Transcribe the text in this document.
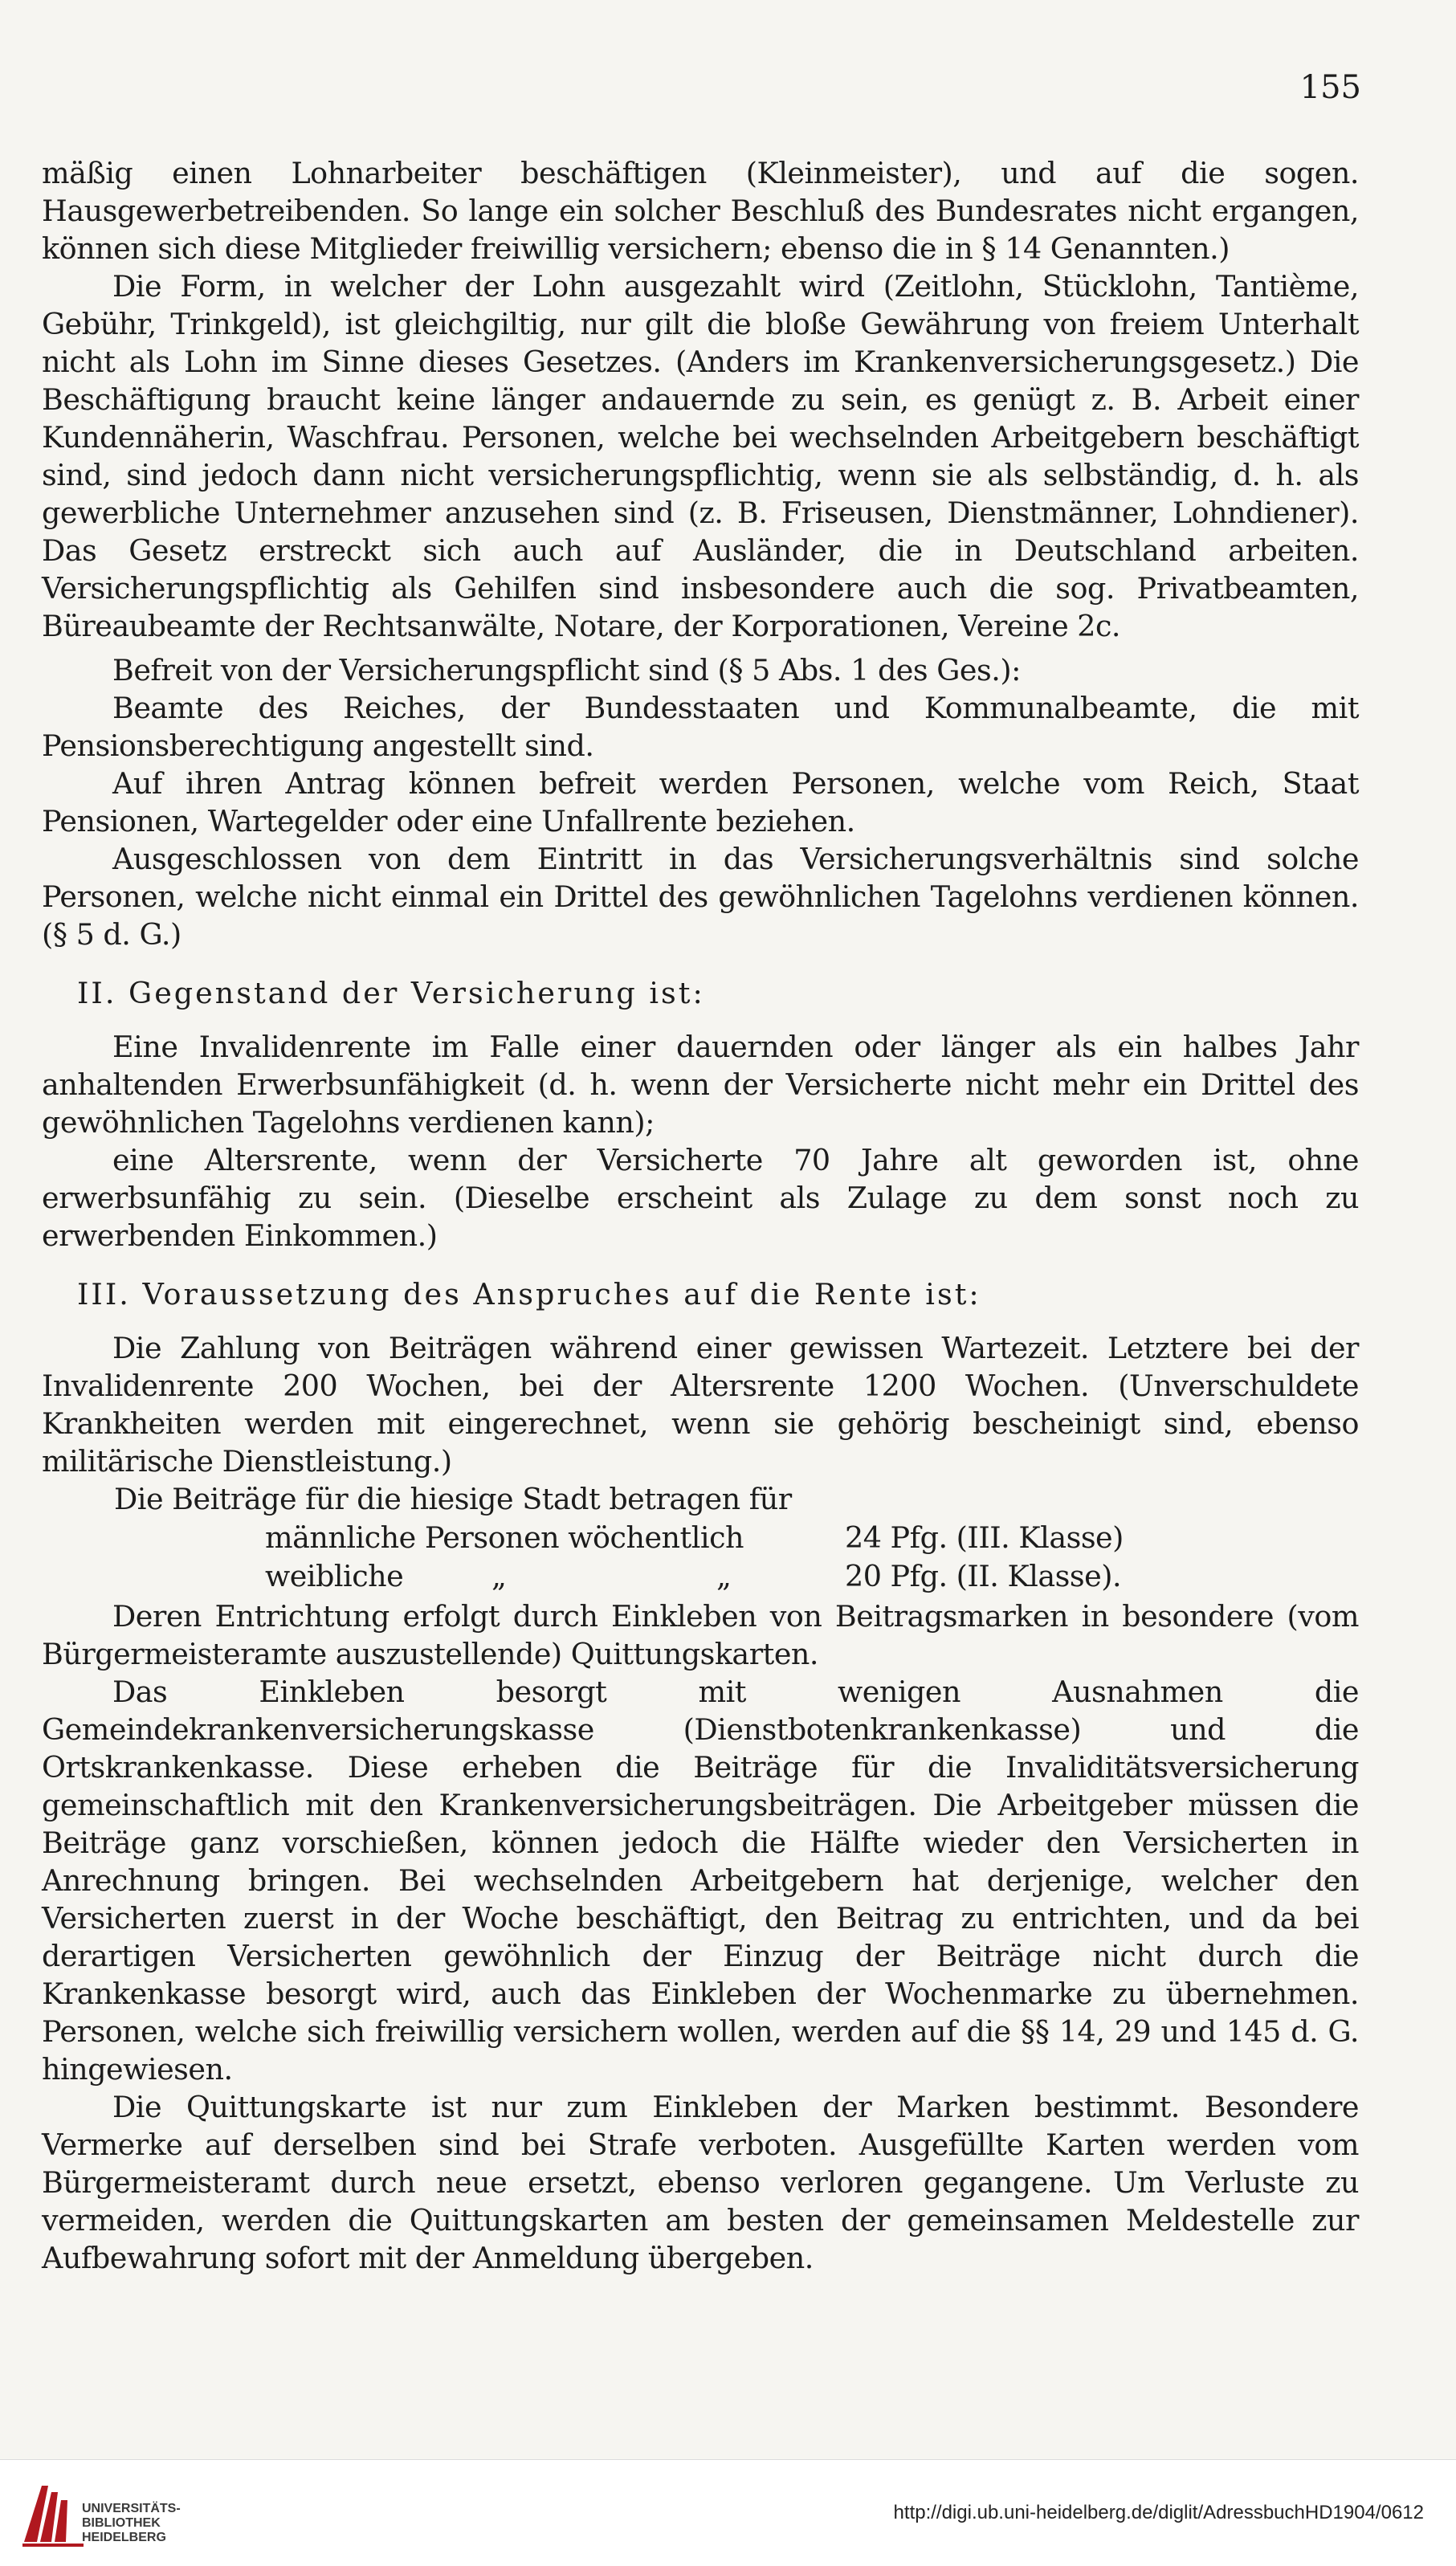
155

mäßig einen Lohnarbeiter beschäftigen (Kleinmeister), und auf die sogen. Hausgewerbetreibenden. So lange ein solcher Beschluß des Bundesrates nicht ergangen, können sich diese Mitglieder freiwillig versichern; ebenso die in § 14 Genannten.)

Die Form, in welcher der Lohn ausgezahlt wird (Zeitlohn, Stücklohn, Tantième, Gebühr, Trinkgeld), ist gleichgiltig, nur gilt die bloße Gewährung von freiem Unterhalt nicht als Lohn im Sinne dieses Gesetzes. (Anders im Krankenversicherungsgesetz.) Die Beschäftigung braucht keine länger andauernde zu sein, es genügt z. B. Arbeit einer Kundennäherin, Waschfrau. Personen, welche bei wechselnden Arbeitgebern beschäftigt sind, sind jedoch dann nicht versicherungspflichtig, wenn sie als selbständig, d. h. als gewerbliche Unternehmer anzusehen sind (z. B. Friseusen, Dienstmänner, Lohndiener). Das Gesetz erstreckt sich auch auf Ausländer, die in Deutschland arbeiten. Versicherungspflichtig als Gehilfen sind insbesondere auch die sog. Privatbeamten, Büreaubeamte der Rechtsanwälte, Notare, der Korporationen, Vereine 2c.

Befreit von der Versicherungspflicht sind (§ 5 Abs. 1 des Ges.):

Beamte des Reiches, der Bundesstaaten und Kommunalbeamte, die mit Pensionsberechtigung angestellt sind.

Auf ihren Antrag können befreit werden Personen, welche vom Reich, Staat Pensionen, Wartegelder oder eine Unfallrente beziehen.

Ausgeschlossen von dem Eintritt in das Versicherungsverhältnis sind solche Personen, welche nicht einmal ein Drittel des gewöhnlichen Tagelohns verdienen können. (§ 5 d. G.)

II. Gegenstand der Versicherung ist:

Eine Invalidenrente im Falle einer dauernden oder länger als ein halbes Jahr anhaltenden Erwerbsunfähigkeit (d. h. wenn der Versicherte nicht mehr ein Drittel des gewöhnlichen Tagelohns verdienen kann);

eine Altersrente, wenn der Versicherte 70 Jahre alt geworden ist, ohne erwerbsunfähig zu sein. (Dieselbe erscheint als Zulage zu dem sonst noch zu erwerbenden Einkommen.)

III. Voraussetzung des Anspruches auf die Rente ist:

Die Zahlung von Beiträgen während einer gewissen Wartezeit. Letztere bei der Invalidenrente 200 Wochen, bei der Altersrente 1200 Wochen. (Unverschuldete Krankheiten werden mit eingerechnet, wenn sie gehörig bescheinigt sind, ebenso militärische Dienstleistung.)

Die Beiträge für die hiesige Stadt betragen für
männliche Personen wöchentlich	24 Pfg. (III. Klasse)
weibliche	„	„	20 Pfg. (II. Klasse).

Deren Entrichtung erfolgt durch Einkleben von Beitragsmarken in besondere (vom Bürgermeisteramte auszustellende) Quittungskarten.

Das Einkleben besorgt mit wenigen Ausnahmen die Gemeindekrankenversicherungskasse (Dienstbotenkrankenkasse) und die Ortskrankenkasse. Diese erheben die Beiträge für die Invaliditätsversicherung gemeinschaftlich mit den Krankenversicherungsbeiträgen. Die Arbeitgeber müssen die Beiträge ganz vorschießen, können jedoch die Hälfte wieder den Versicherten in Anrechnung bringen. Bei wechselnden Arbeitgebern hat derjenige, welcher den Versicherten zuerst in der Woche beschäftigt, den Beitrag zu entrichten, und da bei derartigen Versicherten gewöhnlich der Einzug der Beiträge nicht durch die Krankenkasse besorgt wird, auch das Einkleben der Wochenmarke zu übernehmen. Personen, welche sich freiwillig versichern wollen, werden auf die §§ 14, 29 und 145 d. G. hingewiesen.

Die Quittungskarte ist nur zum Einkleben der Marken bestimmt. Besondere Vermerke auf derselben sind bei Strafe verboten. Ausgefüllte Karten werden vom Bürgermeisteramt durch neue ersetzt, ebenso verloren gegangene. Um Verluste zu vermeiden, werden die Quittungskarten am besten der gemeinsamen Meldestelle zur Aufbewahrung sofort mit der Anmeldung übergeben.

UNIVERSITÄTS-
BIBLIOTHEK
HEIDELBERG
http://digi.ub.uni-heidelberg.de/diglit/AdressbuchHD1904/0612
